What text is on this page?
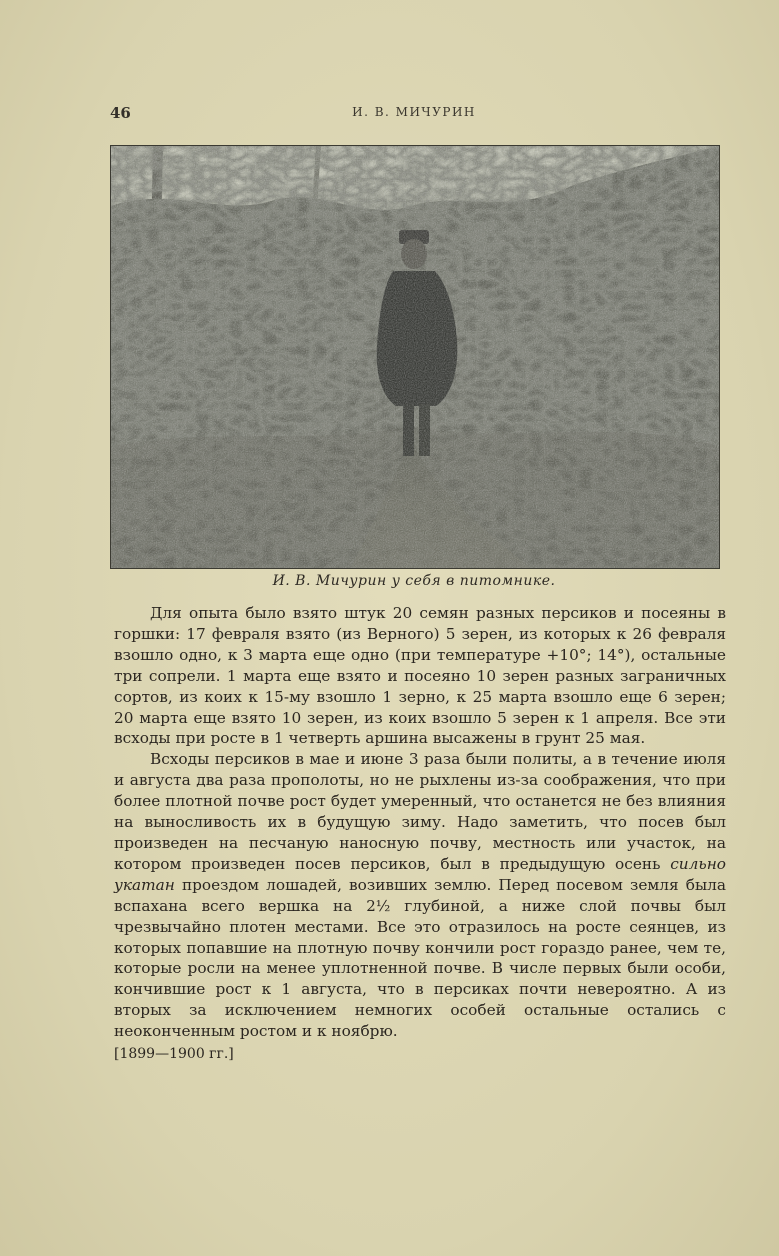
46	И. В. МИЧУРИН
И. В. Мичурин у себя в питомнике.

Для опыта было взято штук 20 семян разных персиков и посеяны в горшки: 17 февраля взято (из Верного) 5 зерен, из которых к 26 февраля взошло одно, к 3 марта еще одно (при температуре +10°; 14°), остальные три сопрели. 1 марта еще взято и посеяно 10 зерен разных заграничных сортов, из коих к 15-му взошло 1 зерно, к 25 марта взошло еще 6 зерен; 20 марта еще взято 10 зерен, из коих взошло 5 зерен к 1 апреля. Все эти всходы при росте в 1 четверть аршина высажены в грунт 25 мая.

Всходы персиков в мае и июне 3 раза были политы, а в течение июля и августа два раза прополоты, но не рыхлены из-за соображения, что при более плотной почве рост будет умеренный, что останется не без влияния на выносливость их в будущую зиму. Надо заметить, что посев был произведен на песчаную наносную почву, местность или участок, на котором произведен посев персиков, был в предыдущую осень сильно укатан проездом лошадей, возивших землю. Перед посевом земля была вспахана всего вершка на 2½ глубиной, а ниже слой почвы был чрезвычайно плотен местами. Все это отразилось на росте сеянцев, из которых попавшие на плотную почву кончили рост гораздо ранее, чем те, которые росли на менее уплотненной почве. В числе первых были особи, кончившие рост к 1 августа, что в персиках почти невероятно. А из вторых за исключением немногих особей остальные остались с неоконченным ростом и к ноябрю.

[1899—1900 гг.]
